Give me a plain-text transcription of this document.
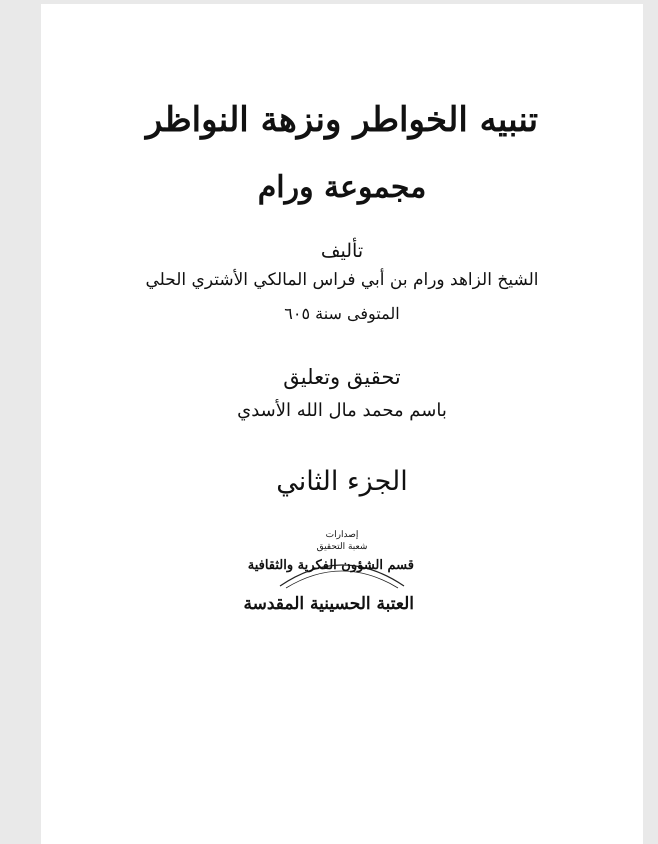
تنبيه الخواطر ونزهة النواظر
مجموعة ورام
تأليف
الشيخ الزاهد ورام بن أبي فراس المالكي الأشتري الحلي
المتوفى سنة ٦٠٥
تحقيق وتعليق
باسم محمد مال الله الأسدي
الجزء الثاني
إصدارات
شعبة التحقيق
قسم الشؤون الفكرية والثقافية
العتبة الحسينية المقدسة
